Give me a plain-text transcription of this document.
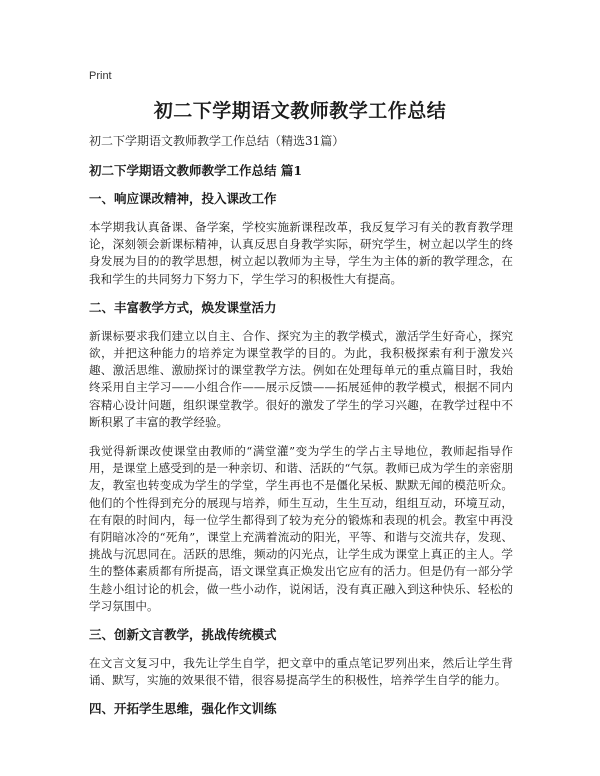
Print
初二下学期语文教师教学工作总结

初二下学期语文教师教学工作总结（精选31篇）

初二下学期语文教师教学工作总结 篇1

一、响应课改精神，投入课改工作

本学期我认真备课、备学案，学校实施新课程改革，我反复学习有关的教育教学理论，深刻领会新课标精神，认真反思自身教学实际，研究学生，树立起以学生的终身发展为目的的教学思想，树立起以教师为主导，学生为主体的新的教学理念，在我和学生的共同努力下努力下，学生学习的积极性大有提高。

二、丰富教学方式，焕发课堂活力

新课标要求我们建立以自主、合作、探究为主的教学模式，激活学生好奇心，探究欲，并把这种能力的培养定为课堂教学的目的。为此，我积极探索有利于激发兴趣、激活思维、激励探讨的课堂教学方法。例如在处理每单元的重点篇目时，我始终采用自主学习——小组合作——展示反馈——拓展延伸的教学模式，根据不同内容精心设计问题，组织课堂教学。很好的激发了学生的学习兴趣，在教学过程中不断积累了丰富的教学经验。

我觉得新课改使课堂由教师的“满堂灌”变为学生的学占主导地位，教师起指导作用，是课堂上感受到的是一种亲切、和谐、活跃的“气氛。教师已成为学生的亲密朋友，教室也转变成为学生的学堂，学生再也不是僵化呆板、默默无闻的模范听众。他们的个性得到充分的展现与培养，师生互动，生生互动，组组互动，环境互动，在有限的时间内，每一位学生都得到了较为充分的锻炼和表现的机会。教室中再没有阴暗冰冷的“死角”，课堂上充满着流动的阳光，平等、和谐与交流共存，发现、挑战与沉思同在。活跃的思维，频动的闪光点，让学生成为课堂上真正的主人。学生的整体素质都有所提高，语文课堂真正焕发出它应有的活力。但是仍有一部分学生趁小组讨论的机会，做一些小动作，说闲话，没有真正融入到这种快乐、轻松的学习氛围中。

三、创新文言教学，挑战传统模式

在文言文复习中，我先让学生自学，把文章中的重点笔记罗列出来，然后让学生背诵、默写，实施的效果很不错，很容易提高学生的积极性，培养学生自学的能力。

四、开拓学生思维，强化作文训练
